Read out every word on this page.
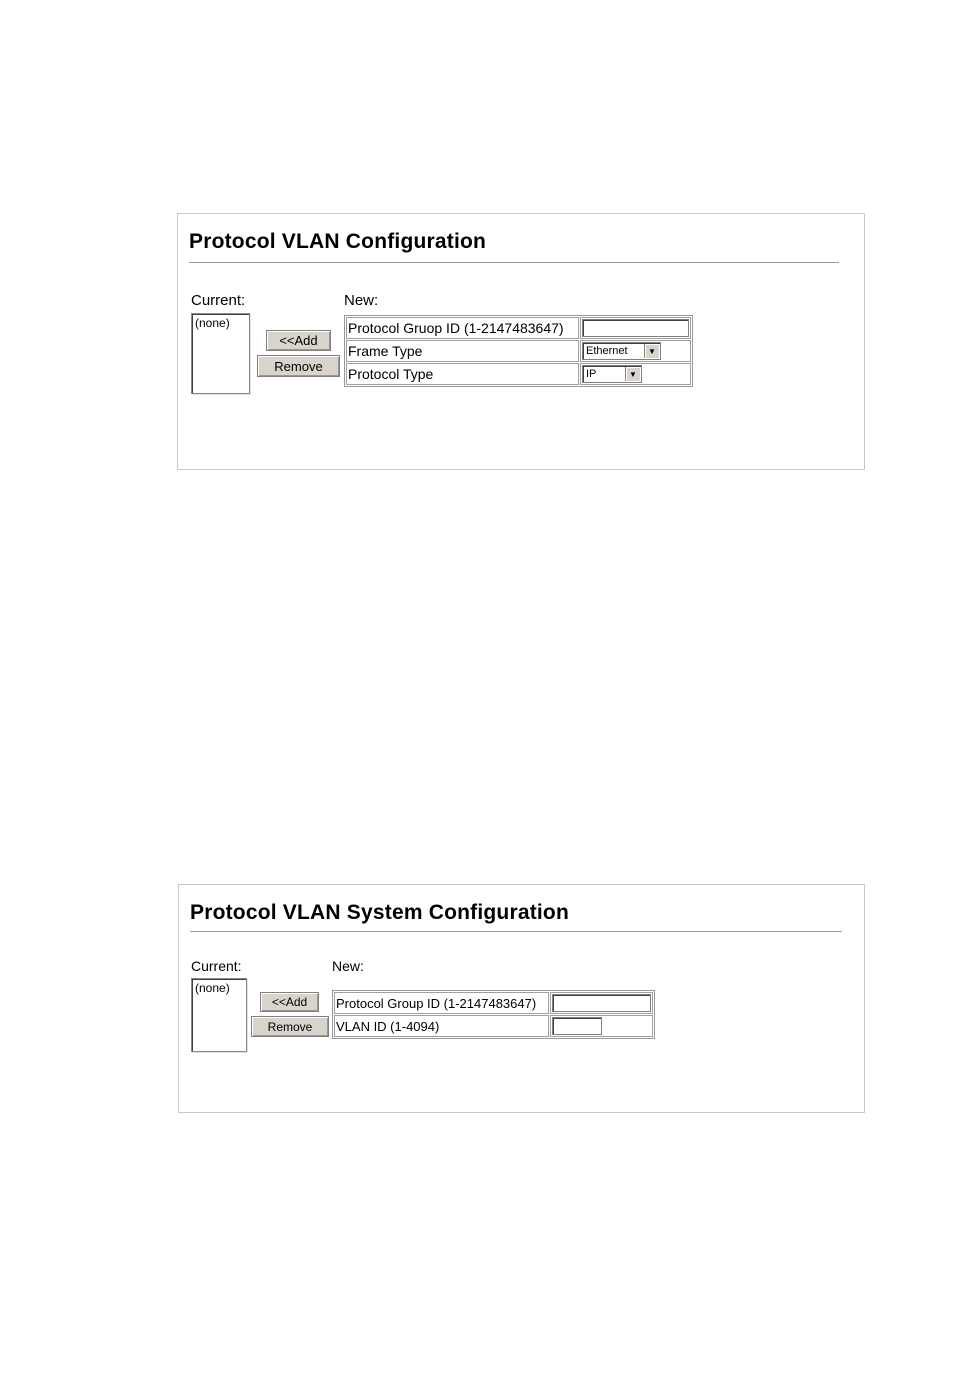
Protocol VLAN Configuration
Current:	New:
(none)
<<Add
Remove
Protocol Gruop ID (1-2147483647)	

Frame Type	Ethernet ▼

Protocol Type	IP ▼
Protocol VLAN System Configuration
Current:	New:
(none)
<<Add
Remove
Protocol Group ID (1-2147483647)	

VLAN ID (1-4094)	
